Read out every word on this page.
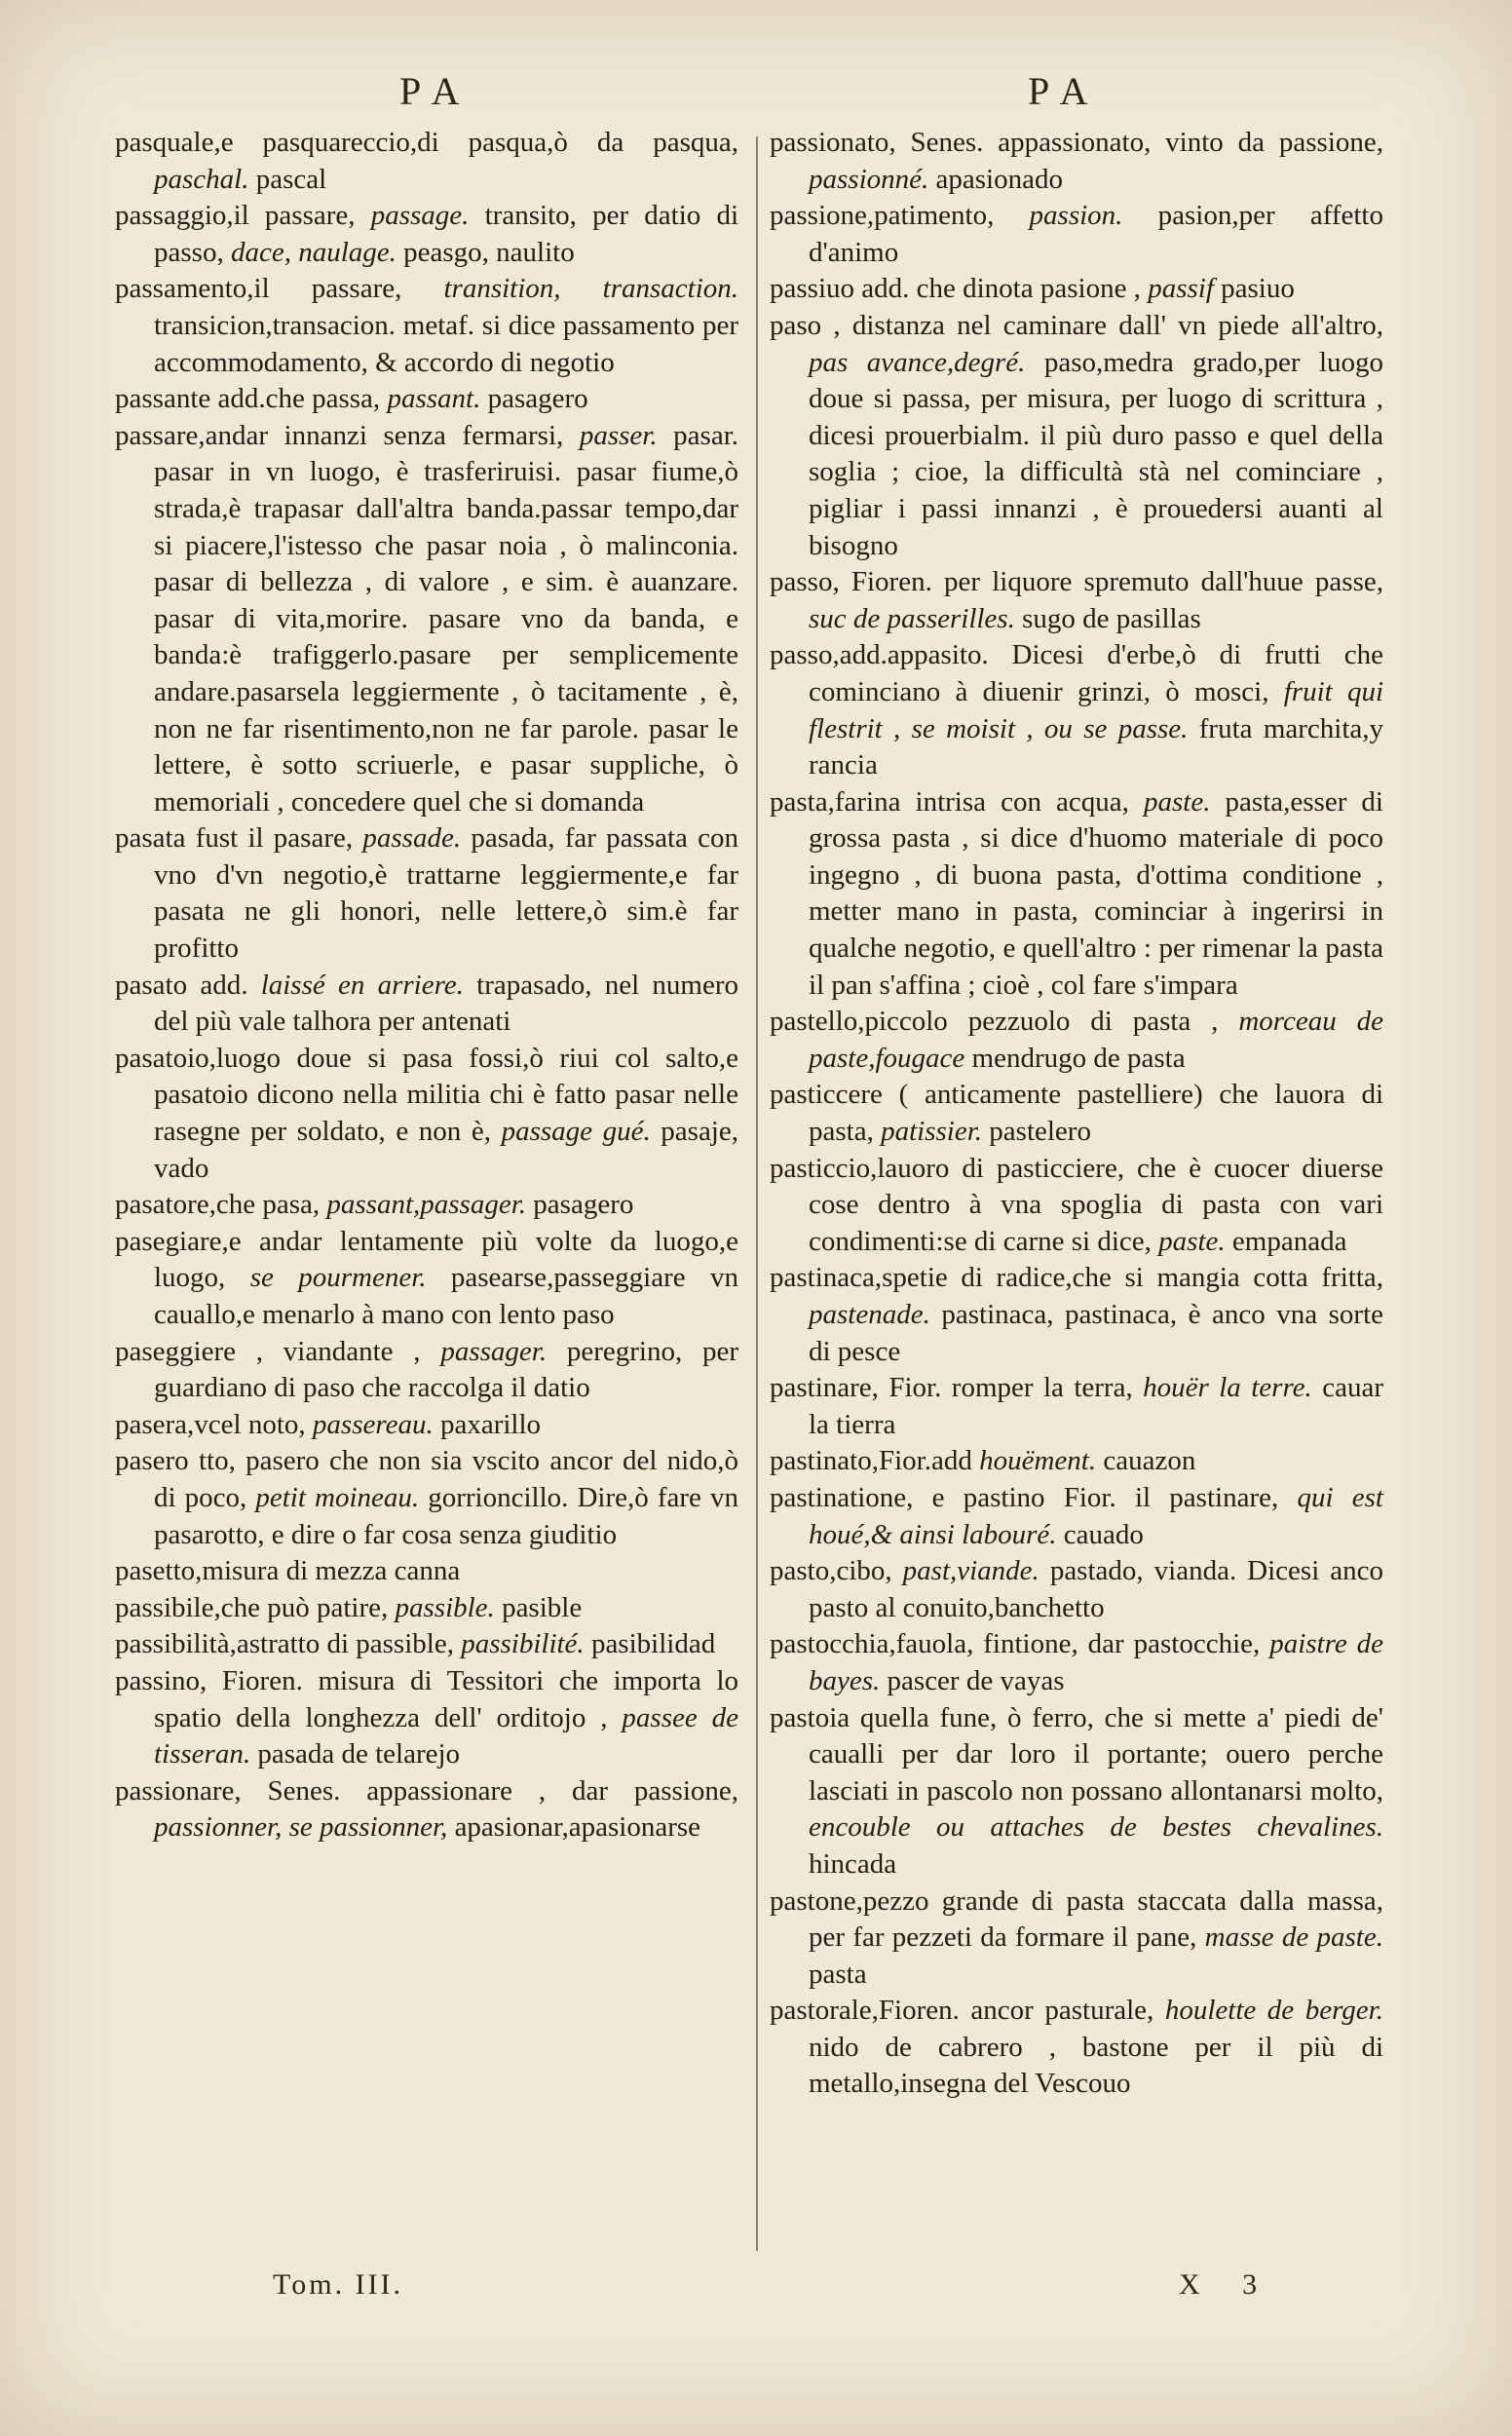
PA	PA

pasquale,e pasquareccio,di pasqua,ò da pasqua, paschal. pascal

passaggio,il passare, passage. transito, per datio di passo, dace, naulage. peasgo, naulito

passamento,il passare, transition, transaction. transicion,transacion. metaf. si dice passamento per accommodamento, & accordo di negotio

passante add.che passa, passant. pasagero

passare,andar innanzi senza fermarsi, passer. pasar. pasar in vn luogo, è trasferiruisi. pasar fiume,ò strada,è trapasar dall'altra banda.passar tempo,dar si piacere,l'istesso che pasar noia , ò malinconia. pasar di bellezza , di valore , e sim. è auanzare. pasar di vita,morire. pasare vno da banda, e banda:è trafiggerlo.pasare per semplicemente andare.pasarsela leggiermente , ò tacitamente , è, non ne far risentimento,non ne far parole. pasar le lettere, è sotto scriuerle, e pasar suppliche, ò memoriali , concedere quel che si domanda

pasata fust il pasare, passade. pasada, far passata con vno d'vn negotio,è trattarne leggiermente,e far pasata ne gli honori, nelle lettere,ò sim.è far profitto

pasato add. laissé en arriere. trapasado, nel numero del più vale talhora per antenati

pasatoio,luogo doue si pasa fossi,ò riui col salto,e pasatoio dicono nella militia chi è fatto pasar nelle rasegne per soldato, e non è, passage gué. pasaje, vado

pasatore,che pasa, passant,passager. pasagero

pasegiare,e andar lentamente più volte da luogo,e luogo, se pourmener. pasearse,passeggiare vn cauallo,e menarlo à mano con lento paso

paseggiere , viandante , passager. peregrino, per guardiano di paso che raccolga il datio

pasera,vcel noto, passereau. paxarillo

pasero tto, pasero che non sia vscito ancor del nido,ò di poco, petit moineau. gorrioncillo. Dire,ò fare vn pasarotto, e dire o far cosa senza giuditio

pasetto,misura di mezza canna

passibile,che può patire, passible. pasible

passibilità,astratto di passible, passibilité. pasibilidad

passino, Fioren. misura di Tessitori che importa lo spatio della longhezza dell' orditojo , passee de tisseran. pasada de telarejo

passionare, Senes. appassionare , dar passione, passionner, se passionner, apasionar,apasionarse

passionato, Senes. appassionato, vinto da passione, passionné. apasionado

passione,patimento, passion. pasion,per affetto d'animo

passiuo add. che dinota pasione , passif pasiuo

paso , distanza nel caminare dall' vn piede all'altro, pas avance,degré. paso,medra grado,per luogo doue si passa, per misura, per luogo di scrittura , dicesi prouerbialm. il più duro passo e quel della soglia ; cioe, la difficultà stà nel cominciare , pigliar i passi innanzi , è prouedersi auanti al bisogno

passo, Fioren. per liquore spremuto dall'huue passe, suc de passerilles. sugo de pasillas

passo,add.appasito. Dicesi d'erbe,ò di frutti che cominciano à diuenir grinzi, ò mosci, fruit qui flestrit , se moisit , ou se passe. fruta marchita,y rancia

pasta,farina intrisa con acqua, paste. pasta,esser di grossa pasta , si dice d'huomo materiale di poco ingegno , di buona pasta, d'ottima conditione , metter mano in pasta, cominciar à ingerirsi in qualche negotio, e quell'altro : per rimenar la pasta il pan s'affina ; cioè , col fare s'impara

pastello,piccolo pezzuolo di pasta , morceau de paste,fougace mendrugo de pasta

pasticcere ( anticamente pastelliere) che lauora di pasta, patissier. pastelero

pasticcio,lauoro di pasticciere, che è cuocer diuerse cose dentro à vna spoglia di pasta con vari condimenti:se di carne si dice, paste. empanada

pastinaca,spetie di radice,che si mangia cotta fritta, pastenade. pastinaca, pastinaca, è anco vna sorte di pesce

pastinare, Fior. romper la terra, houër la terre. cauar la tierra

pastinato,Fior.add houëment. cauazon

pastinatione, e pastino Fior. il pastinare, qui est houé,& ainsi labouré. cauado

pasto,cibo, past,viande. pastado, vianda. Dicesi anco pasto al conuito,banchetto

pastocchia,fauola, fintione, dar pastocchie, paistre de bayes. pascer de vayas

pastoia quella fune, ò ferro, che si mette a' piedi de' caualli per dar loro il portante; ouero perche lasciati in pascolo non possano allontanarsi molto, encouble ou attaches de bestes chevalines. hincada

pastone,pezzo grande di pasta staccata dalla massa, per far pezzeti da formare il pane, masse de paste. pasta

pastorale,Fioren. ancor pasturale, houlette de berger. nido de cabrero , bastone per il più di metallo,insegna del Vescouo

Tom. III.	X 3
